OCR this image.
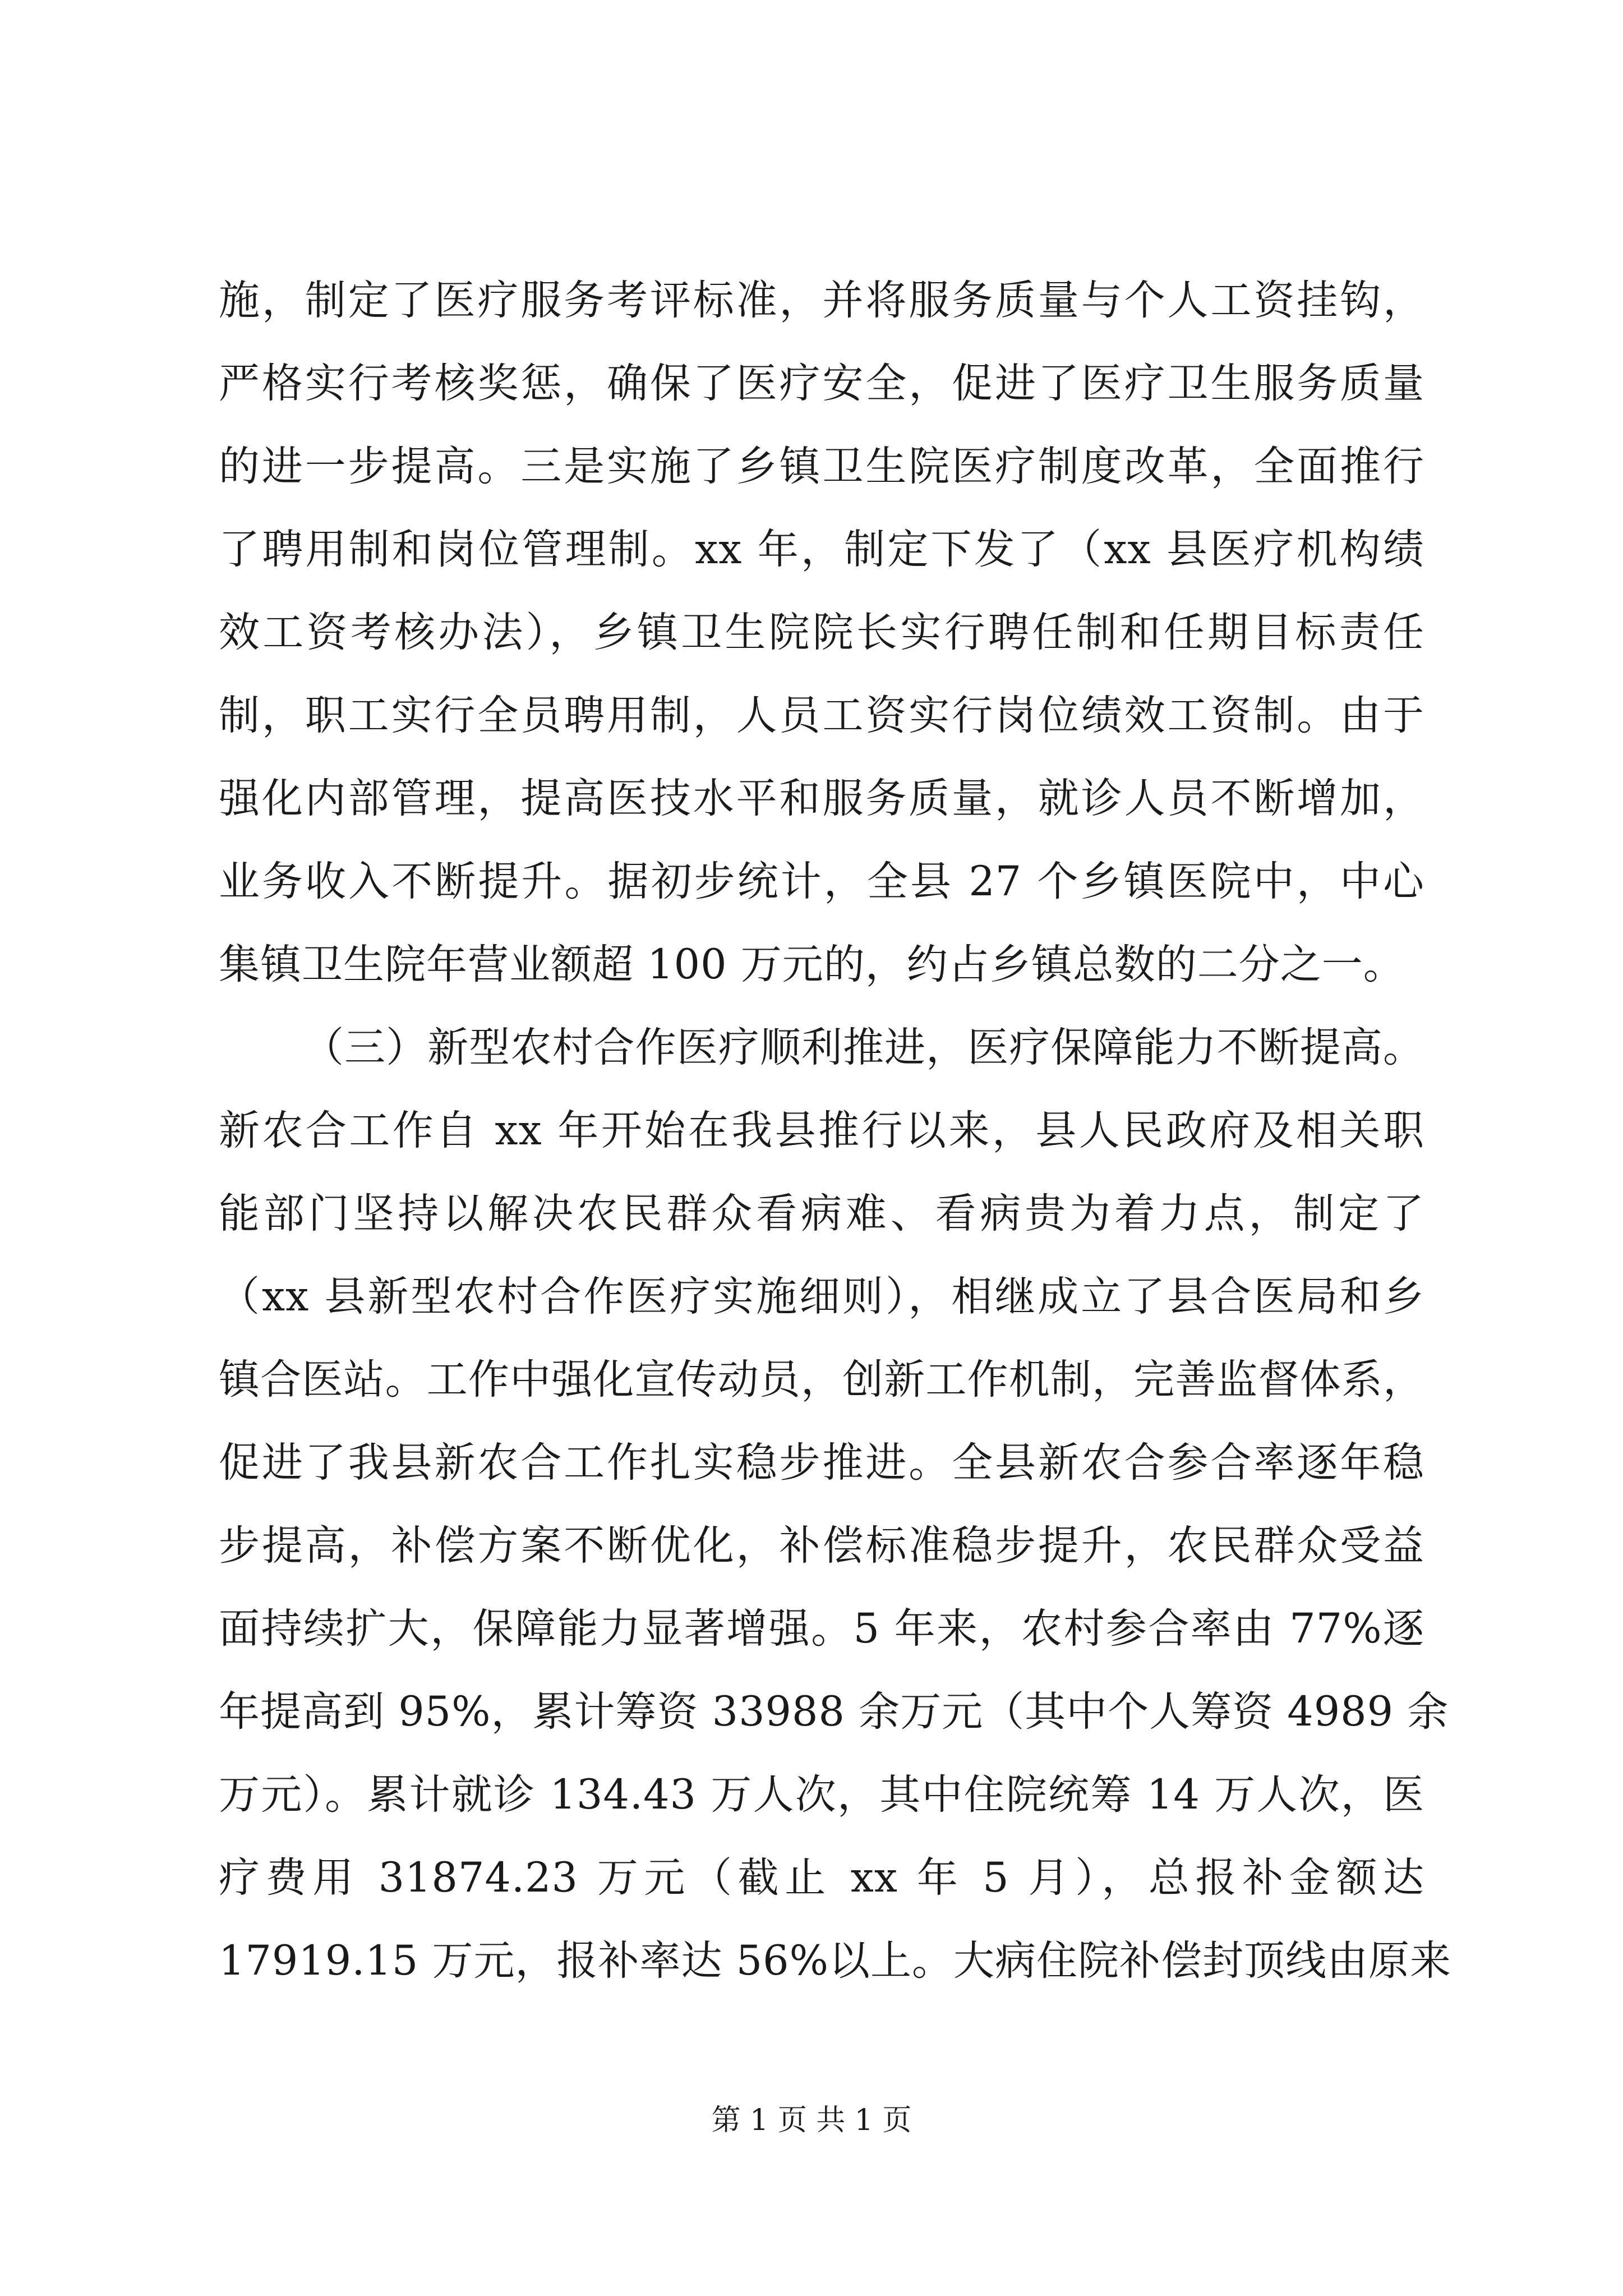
施，制定了医疗服务考评标准，并将服务质量与个人工资挂钩，
严格实行考核奖惩，确保了医疗安全，促进了医疗卫生服务质量
的进一步提高。三是实施了乡镇卫生院医疗制度改革，全面推行
了聘用制和岗位管理制。xx 年，制定下发了（xx 县医疗机构绩
效工资考核办法），乡镇卫生院院长实行聘任制和任期目标责任
制，职工实行全员聘用制，人员工资实行岗位绩效工资制。由于
强化内部管理，提高医技水平和服务质量，就诊人员不断增加，
业务收入不断提升。据初步统计，全县 27 个乡镇医院中，中心
集镇卫生院年营业额超 100 万元的，约占乡镇总数的二分之一。
（三）新型农村合作医疗顺利推进，医疗保障能力不断提高。
新农合工作自 xx 年开始在我县推行以来，县人民政府及相关职
能部门坚持以解决农民群众看病难、看病贵为着力点，制定了
（xx 县新型农村合作医疗实施细则），相继成立了县合医局和乡
镇合医站。工作中强化宣传动员，创新工作机制，完善监督体系，
促进了我县新农合工作扎实稳步推进。全县新农合参合率逐年稳
步提高，补偿方案不断优化，补偿标准稳步提升，农民群众受益
面持续扩大，保障能力显著增强。5 年来，农村参合率由 77%逐
年提高到 95%，累计筹资 33988 余万元（其中个人筹资 4989 余
万元）。累计就诊 134.43 万人次，其中住院统筹 14 万人次，医
疗费用 31874.23 万元（截止 xx 年 5 月），总报补金额达
17919.15 万元，报补率达 56%以上。大病住院补偿封顶线由原来
第 1 页 共 1 页
